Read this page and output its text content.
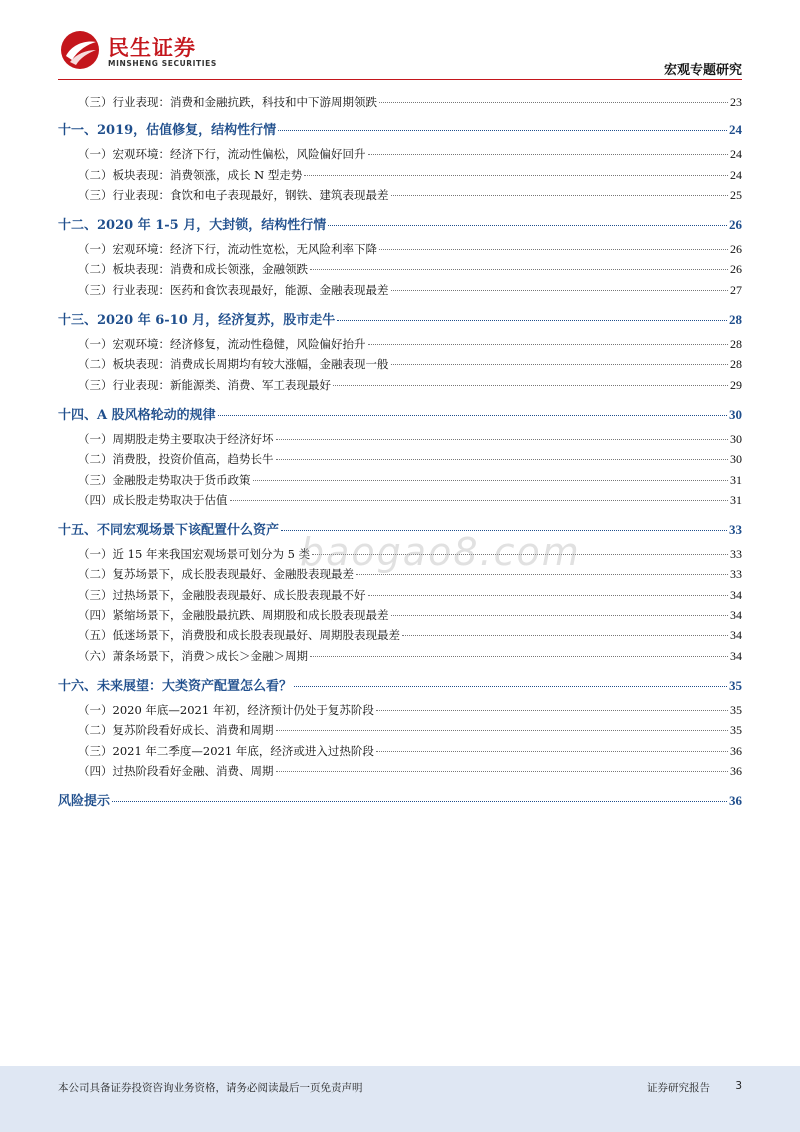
民生证券
MINSHENG SECURITIES	宏观专题研究
（三）行业表现：消费和金融抗跌，科技和中下游周期领跌	23
十一、2019，估值修复，结构性行情	24
（一）宏观环境：经济下行，流动性偏松，风险偏好回升	24
（二）板块表现：消费领涨，成长 N 型走势	24
（三）行业表现：食饮和电子表现最好，钢铁、建筑表现最差	25
十二、2020 年 1-5 月，大封锁，结构性行情	26
（一）宏观环境：经济下行，流动性宽松，无风险利率下降	26
（二）板块表现：消费和成长领涨，金融领跌	26
（三）行业表现：医药和食饮表现最好，能源、金融表现最差	27
十三、2020 年 6-10 月，经济复苏，股市走牛	28
（一）宏观环境：经济修复，流动性稳健，风险偏好抬升	28
（二）板块表现：消费成长周期均有较大涨幅，金融表现一般	28
（三）行业表现：新能源类、消费、军工表现最好	29
十四、A 股风格轮动的规律	30
（一）周期股走势主要取决于经济好坏	30
（二）消费股，投资价值高，趋势长牛	30
（三）金融股走势取决于货币政策	31
（四）成长股走势取决于估值	31
十五、不同宏观场景下该配置什么资产	33
（一）近 15 年来我国宏观场景可划分为 5 类	33
（二）复苏场景下，成长股表现最好、金融股表现最差	33
（三）过热场景下，金融股表现最好、成长股表现最不好	34
（四）紧缩场景下，金融股最抗跌、周期股和成长股表现最差	34
（五）低迷场景下，消费股和成长股表现最好、周期股表现最差	34
（六）萧条场景下，消费＞成长＞金融＞周期	34
十六、未来展望：大类资产配置怎么看？	35
（一）2020 年底—2021 年初，经济预计仍处于复苏阶段	35
（二）复苏阶段看好成长、消费和周期	35
（三）2021 年二季度—2021 年底，经济或进入过热阶段	36
（四）过热阶段看好金融、消费、周期	36
风险提示	36
baogao8.com
本公司具备证券投资咨询业务资格，请务必阅读最后一页免责声明	证券研究报告 3
